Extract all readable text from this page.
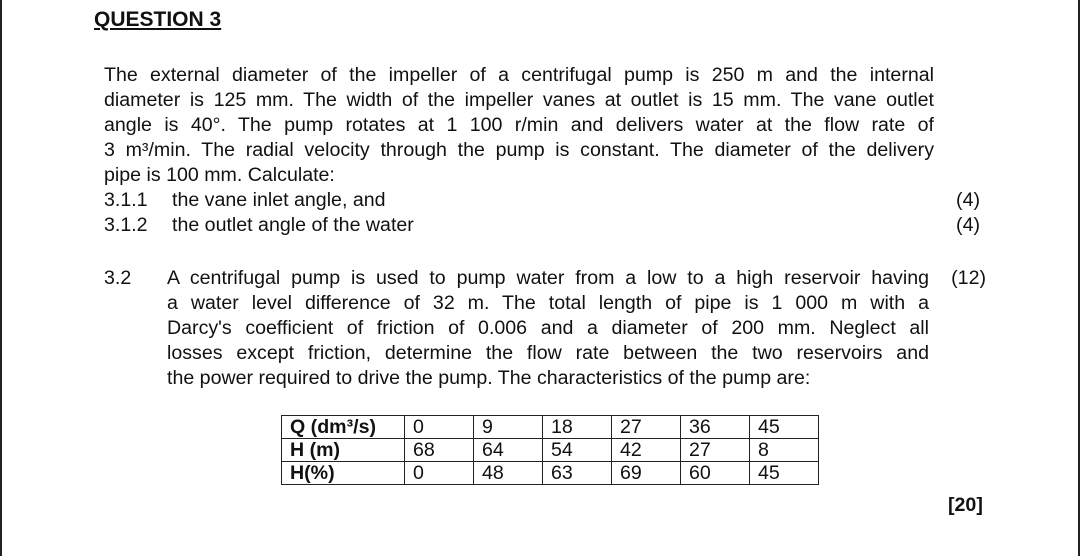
QUESTION 3
The external diameter of the impeller of a centrifugal pump is 250 m and the internal
diameter is 125 mm. The width of the impeller vanes at outlet is 15 mm. The vane outlet
angle is 40°. The pump rotates at 1 100 r/min and delivers water at the flow rate of
3 m³/min. The radial velocity through the pump is constant. The diameter of the delivery
pipe is 100 mm. Calculate:
3.1.1 the vane inlet angle, and	(4)
3.1.2 the outlet angle of the water	(4)
3.2 A centrifugal pump is used to pump water from a low to a high reservoir having
a water level difference of 32 m. The total length of pipe is 1 000 m with a
Darcy's coefficient of friction of 0.006 and a diameter of 200 mm. Neglect all
losses except friction, determine the flow rate between the two reservoirs and
the power required to drive the pump. The characteristics of the pump are:
(12)
Q (dm³/s)	0	9	18	27	36	45
H (m)	68	64	54	42	27	8
H(%)	0	48	63	69	60	45
[20]
